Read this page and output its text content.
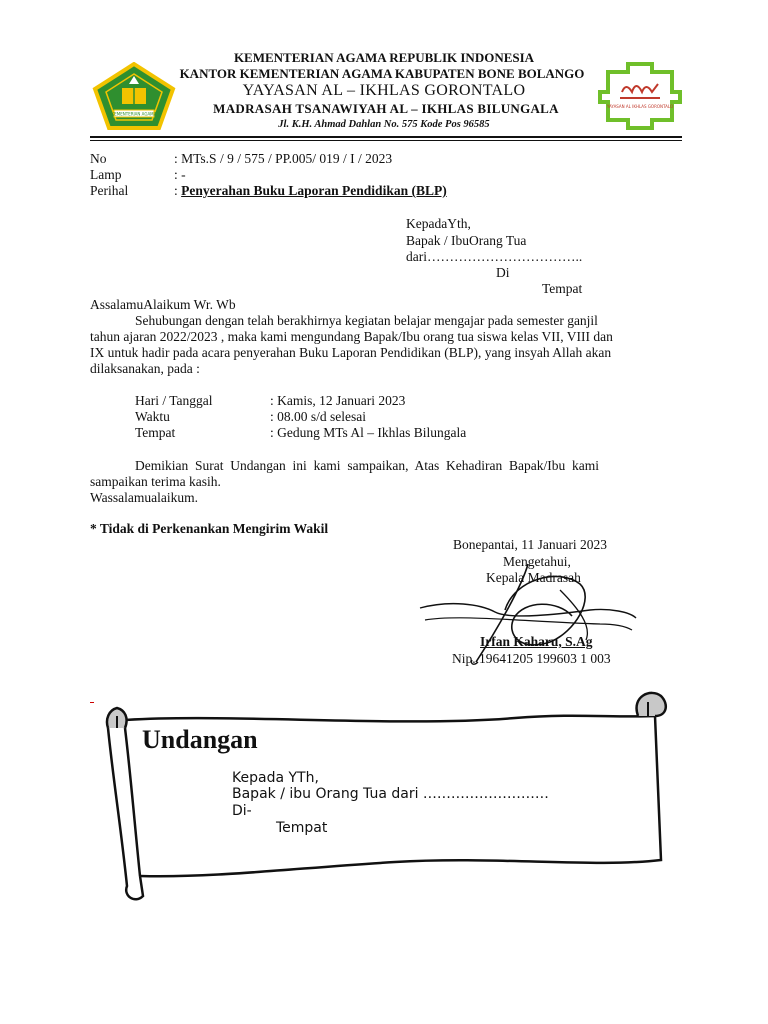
KEMENTERIAN AGAMA
KEMENTERIAN AGAMA REPUBLIK INDONESIA
KANTOR KEMENTERIAN AGAMA KABUPATEN BONE BOLANGO
YAYASAN AL – IKHLAS GORONTALO
MADRASAH TSANAWIYAH AL – IKHLAS BILUNGALA
Jl. K.H. Ahmad Dahlan No. 575 Kode Pos 96585
YAYASAN AL IKHLAS GORONTALO
No	: MTs.S / 9 / 575 / PP.005/ 019 / I / 2023
Lamp	: -
Perihal	: Penyerahan Buku Laporan Pendidikan (BLP)
KepadaYth,
Bapak / IbuOrang Tua
dari……………………………..
Di
Tempat
AssalamuAlaikum Wr. Wb
Sehubungan dengan telah berakhirnya kegiatan belajar mengajar pada semester ganjil
tahun ajaran 2022/2023 , maka kami mengundang Bapak/Ibu orang tua siswa kelas VII, VIII dan
IX untuk hadir pada acara penyerahan Buku Laporan Pendidikan (BLP), yang insyah Allah akan
dilaksanakan, pada :
Hari / Tanggal	: Kamis, 12 Januari 2023
Waktu	: 08.00 s/d selesai
Tempat	: Gedung MTs Al – Ikhlas Bilungala
Demikian Surat Undangan ini kami sampaikan, Atas Kehadiran Bapak/Ibu kami
sampaikan terima kasih.
Wassalamualaikum.
* Tidak di Perkenankan Mengirim Wakil
Bonepantai, 11 Januari 2023
Mengetahui,
Kepala Madrasah
Irfan Kaharu, S.Ag
Nip. 19641205 199603 1 003
Undangan
Kepada YTh,
Bapak / ibu Orang Tua dari ………………………
Di-
Tempat
